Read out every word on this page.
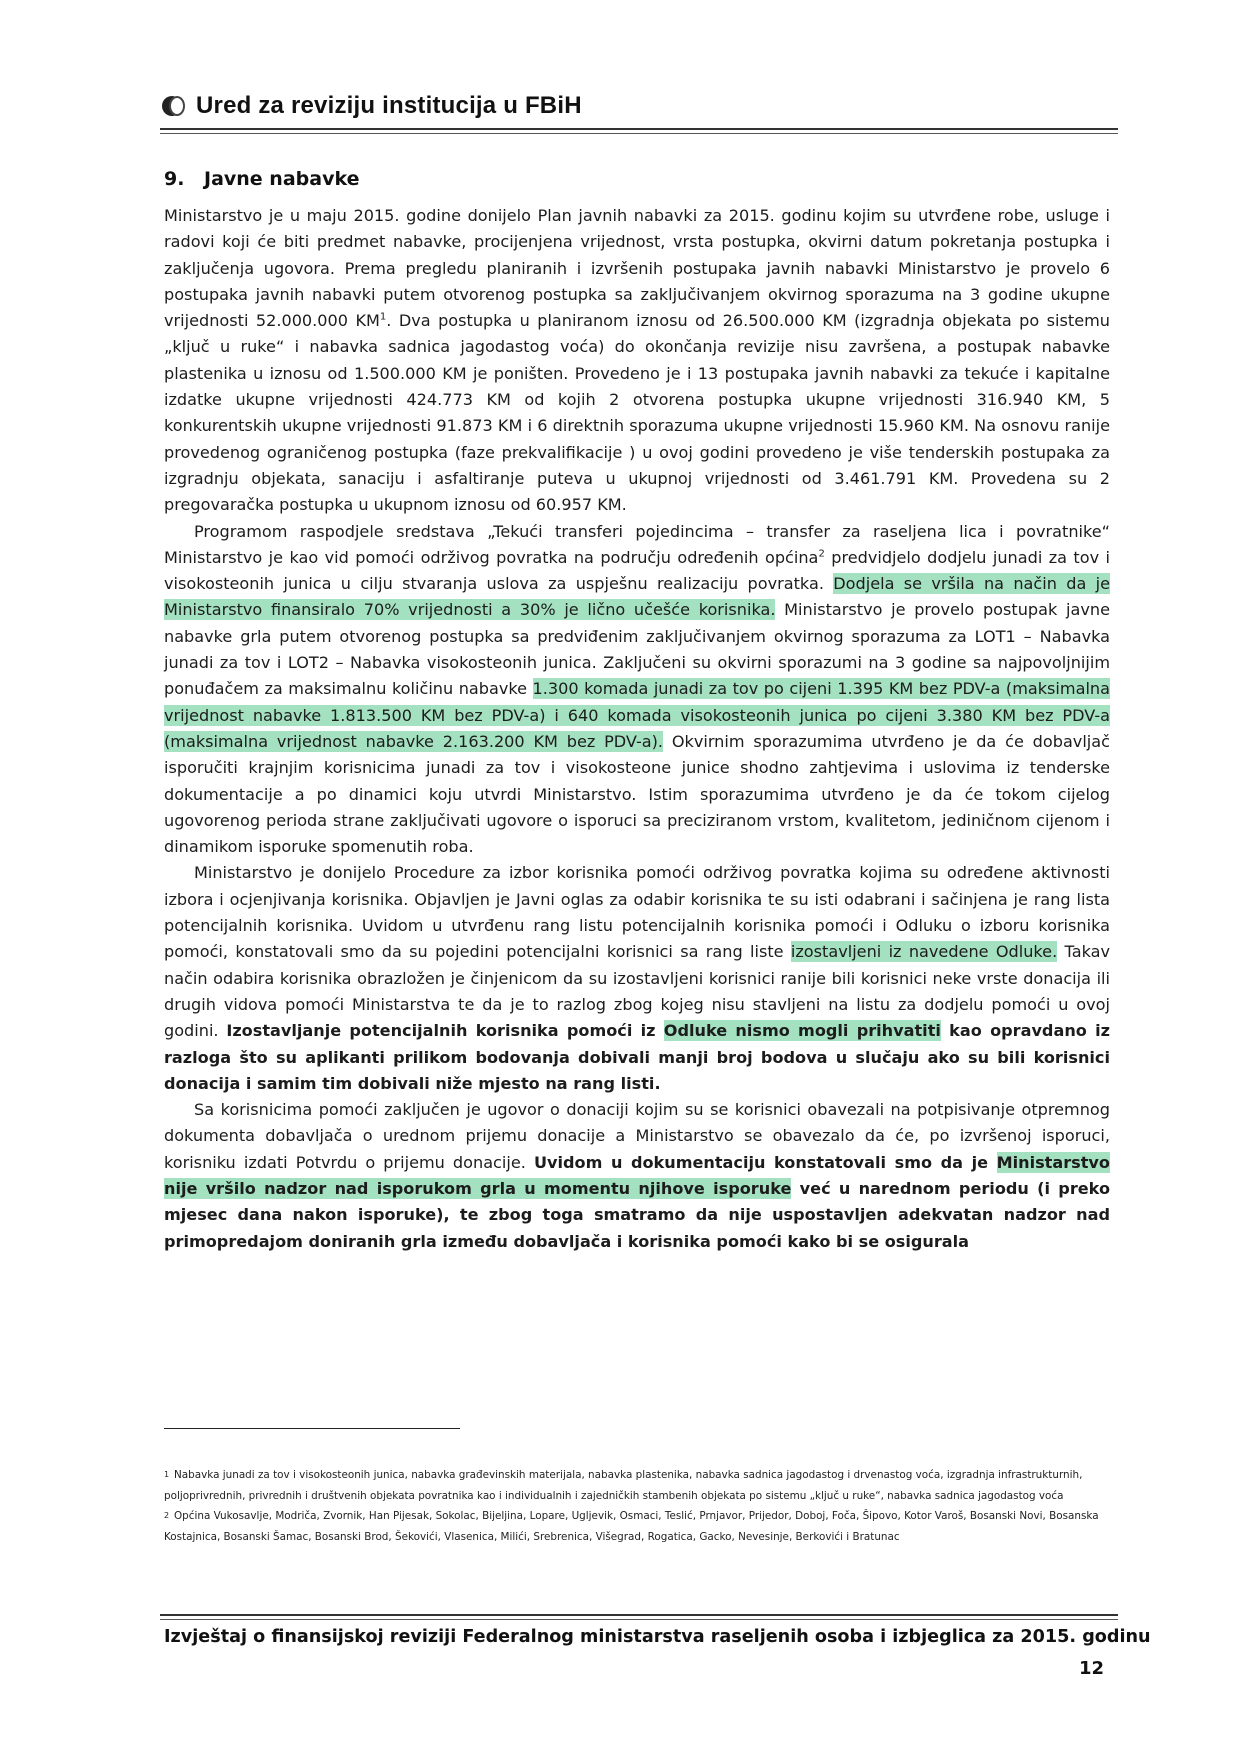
Ured za reviziju institucija u FBiH
9. Javne nabavke

Ministarstvo je u maju 2015. godine donijelo Plan javnih nabavki za 2015. godinu kojim su utvrđene robe, usluge i radovi koji će biti predmet nabavke, procijenjena vrijednost, vrsta postupka, okvirni datum pokretanja postupka i zaključenja ugovora. Prema pregledu planiranih i izvršenih postupaka javnih nabavki Ministarstvo je provelo 6 postupaka javnih nabavki putem otvorenog postupka sa zaključivanjem okvirnog sporazuma na 3 godine ukupne vrijednosti 52.000.000 $KM^1$. Dva postupka u planiranom iznosu od 26.500.000 KM (izgradnja objekata po sistemu „ključ u ruke“ i nabavka sadnica jagodastog voća) do okončanja revizije nisu završena, a postupak nabavke plastenika u iznosu od 1.500.000 KM je poništen. Provedeno je i 13 postupaka javnih nabavki za tekuće i kapitalne izdatke ukupne vrijednosti 424.773 KM od kojih 2 otvorena postupka ukupne vrijednosti 316.940 KM, 5 konkurentskih ukupne vrijednosti 91.873 KM i 6 direktnih sporazuma ukupne vrijednosti 15.960 KM. Na osnovu ranije provedenog ograničenog postupka (faze prekvalifikacije ) u ovoj godini provedeno je više tenderskih postupaka za izgradnju objekata, sanaciju i asfaltiranje puteva u ukupnoj vrijednosti od 3.461.791 KM. Provedena su 2 pregovaračka postupka u ukupnom iznosu od 60.957 KM.

Programom raspodjele sredstava „Tekući transferi pojedincima – transfer za raseljena lica i povratnike“ Ministarstvo je kao vid pomoći održivog povratka na području određenih općina$^2$ predvidjelo dodjelu junadi za tov i visokosteonih junica u cilju stvaranja uslova za uspješnu realizaciju povratka. Dodjela se vršila na način da je Ministarstvo finansiralo 70% vrijednosti a 30% je lično učešće korisnika. Ministarstvo je provelo postupak javne nabavke grla putem otvorenog postupka sa predviđenim zaključivanjem okvirnog sporazuma za LOT1 – Nabavka junadi za tov i LOT2 – Nabavka visokosteonih junica. Zaključeni su okvirni sporazumi na 3 godine sa najpovoljnijim ponuđačem za maksimalnu količinu nabavke 1.300 komada junadi za tov po cijeni 1.395 KM bez PDV-a (maksimalna vrijednost nabavke 1.813.500 KM bez PDV-a) i 640 komada visokosteonih junica po cijeni 3.380 KM bez PDV-a (maksimalna vrijednost nabavke 2.163.200 KM bez PDV-a). Okvirnim sporazumima utvrđeno je da će dobavljač isporučiti krajnjim korisnicima junadi za tov i visokosteone junice shodno zahtjevima i uslovima iz tenderske dokumentacije a po dinamici koju utvrdi Ministarstvo. Istim sporazumima utvrđeno je da će tokom cijelog ugovorenog perioda strane zaključivati ugovore o isporuci sa preciziranom vrstom, kvalitetom, jediničnom cijenom i dinamikom isporuke spomenutih roba.

Ministarstvo je donijelo Procedure za izbor korisnika pomoći održivog povratka kojima su određene aktivnosti izbora i ocjenjivanja korisnika. Objavljen je Javni oglas za odabir korisnika te su isti odabrani i sačinjena je rang lista potencijalnih korisnika. Uvidom u utvrđenu rang listu potencijalnih korisnika pomoći i Odluku o izboru korisnika pomoći, konstatovali smo da su pojedini potencijalni korisnici sa rang liste izostavljeni iz navedene Odluke. Takav način odabira korisnika obrazložen je činjenicom da su izostavljeni korisnici ranije bili korisnici neke vrste donacija ili drugih vidova pomoći Ministarstva te da je to razlog zbog kojeg nisu stavljeni na listu za dodjelu pomoći u ovoj godini. Izostavljanje potencijalnih korisnika pomoći iz Odluke nismo mogli prihvatiti kao opravdano iz razloga što su aplikanti prilikom bodovanja dobivali manji broj bodova u slučaju ako su bili korisnici donacija i samim tim dobivali niže mjesto na rang listi.

Sa korisnicima pomoći zaključen je ugovor o donaciji kojim su se korisnici obavezali na potpisivanje otpremnog dokumenta dobavljača o urednom prijemu donacije a Ministarstvo se obavezalo da će, po izvršenoj isporuci, korisniku izdati Potvrdu o prijemu donacije. Uvidom u dokumentaciju konstatovali smo da je Ministarstvo nije vršilo nadzor nad isporukom grla u momentu njihove isporuke već u narednom periodu (i preko mjesec dana nakon isporuke), te zbog toga smatramo da nije uspostavljen adekvatan nadzor nad primopredajom doniranih grla između dobavljača i korisnika pomoći kako bi se osigurala

1 Nabavka junadi za tov i visokosteonih junica, nabavka građevinskih materijala, nabavka plastenika, nabavka sadnica jagodastog i drvenastog voća, izgradnja infrastrukturnih, poljoprivrednih, privrednih i društvenih objekata povratnika kao i individualnih i zajedničkih stambenih objekata po sistemu „ključ u ruke“, nabavka sadnica jagodastog voća

2 Općina Vukosavlje, Modriča, Zvornik, Han Pijesak, Sokolac, Bijeljina, Lopare, Ugljevik, Osmaci, Teslić, Prnjavor, Prijedor, Doboj, Foča, Šipovo, Kotor Varoš, Bosanski Novi, Bosanska Kostajnica, Bosanski Šamac, Bosanski Brod, Šekovići, Vlasenica, Milići, Srebrenica, Višegrad, Rogatica, Gacko, Nevesinje, Berkovići i Bratunac

Izvještaj o finansijskoj reviziji Federalnog ministarstva raseljenih osoba i izbjeglica za 2015. godinu
12
